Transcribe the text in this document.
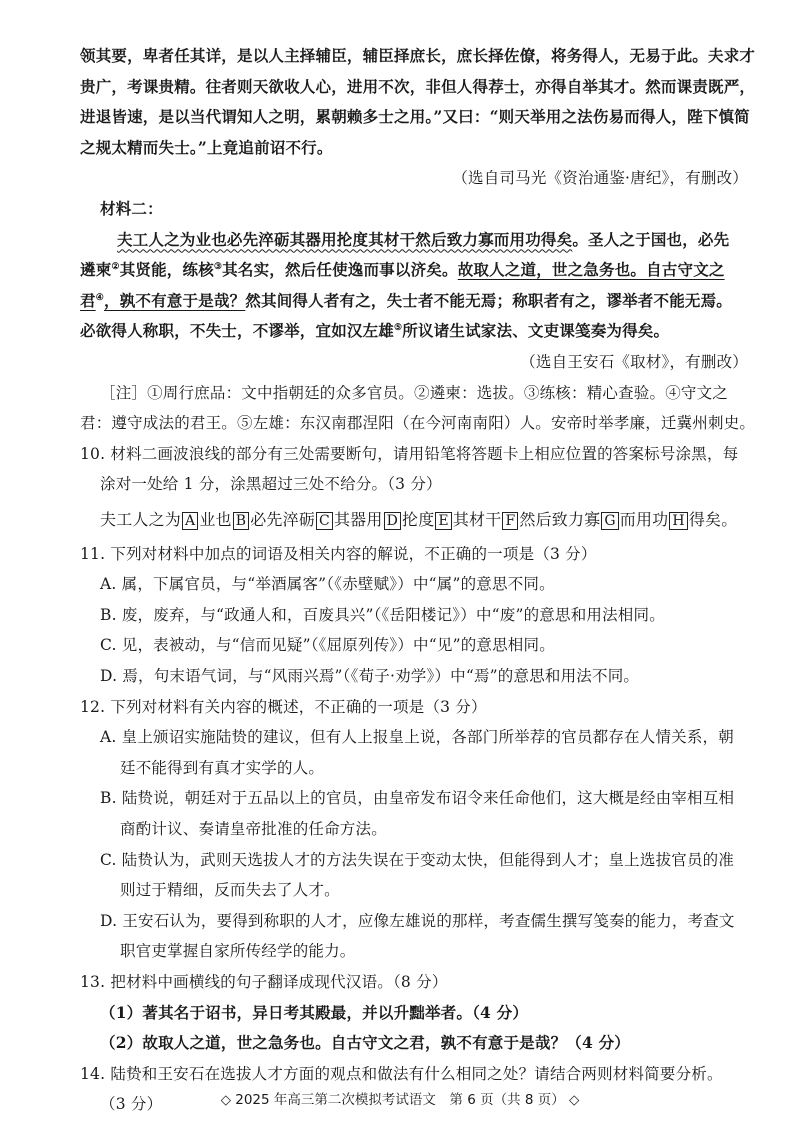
领其要，卑者任其详，是以人主择辅臣，辅臣择庶长，庶长择佐僚，将务得人，无易于此。夫求才
贵广，考课贵精。往者则天欲收人心，进用不次，非但人得荐士，亦得自举其才。然而课责既严，
进退皆速，是以当代谓知人之明，累朝赖多士之用。”又曰：“则天举用之法伤易而得人，陛下慎简
之规太精而失士。”上竟追前诏不行。
（选自司马光《资治通鉴·唐纪》，有删改）
材料二：
夫工人之为业也必先淬砺其器用抡度其材干然后致力寡而用功得矣。圣人之于国也，必先
遴柬②其贤能，练核③其名实，然后任使逸而事以济矣。故取人之道，世之急务也。自古守文之
君④，孰不有意于是哉？然其间得人者有之，失士者不能无焉；称职者有之，谬举者不能无焉。
必欲得人称职，不失士，不谬举，宜如汉左雄⑤所议诸生试家法、文吏课笺奏为得矣。
（选自王安石《取材》，有删改）
［注］①周行庶品：文中指朝廷的众多官员。②遴柬：选拔。③练核：精心查验。④守文之
君：遵守成法的君王。⑤左雄：东汉南郡涅阳（在今河南南阳）人。安帝时举孝廉，迁冀州刺史。
10. 材料二画波浪线的部分有三处需要断句，请用铅笔将答题卡上相应位置的答案标号涂黑，每
涂对一处给 1 分，涂黑超过三处不给分。（3 分）
夫工人之为 A 业也 B 必先淬砺 C 其器用 D 抡度 E 其材干 F 然后致力寡 G 而用功 H 得矣。
11. 下列对材料中加点的词语及相关内容的解说，不正确的一项是（3 分）
A. 属，下属官员，与“举酒属客”（《赤壁赋》）中“属”的意思不同。
B. 废，废弃，与“政通人和，百废具兴”（《岳阳楼记》）中“废”的意思和用法相同。
C. 见，表被动，与“信而见疑”（《屈原列传》）中“见”的意思相同。
D. 焉，句末语气词，与“风雨兴焉”（《荀子·劝学》）中“焉”的意思和用法不同。
12. 下列对材料有关内容的概述，不正确的一项是（3 分）
A. 皇上颁诏实施陆贽的建议，但有人上报皇上说，各部门所举荐的官员都存在人情关系，朝
廷不能得到有真才实学的人。
B. 陆贽说，朝廷对于五品以上的官员，由皇帝发布诏令来任命他们，这大概是经由宰相互相
商酌计议、奏请皇帝批准的任命方法。
C. 陆贽认为，武则天选拔人才的方法失误在于变动太快，但能得到人才；皇上选拔官员的准
则过于精细，反而失去了人才。
D. 王安石认为，要得到称职的人才，应像左雄说的那样，考查儒生撰写笺奏的能力，考查文
职官吏掌握自家所传经学的能力。
13. 把材料中画横线的句子翻译成现代汉语。（8 分）
（1）著其名于诏书，异日考其殿最，并以升黜举者。（4 分）
（2）故取人之道，世之急务也。自古守文之君，孰不有意于是哉？（4 分）
◇ 2025 年高三第二次模拟考试语文　第 6 页（共 8 页） ◇
14. 陆贽和王安石在选拔人才方面的观点和做法有什么相同之处？请结合两则材料简要分析。
（3 分）
